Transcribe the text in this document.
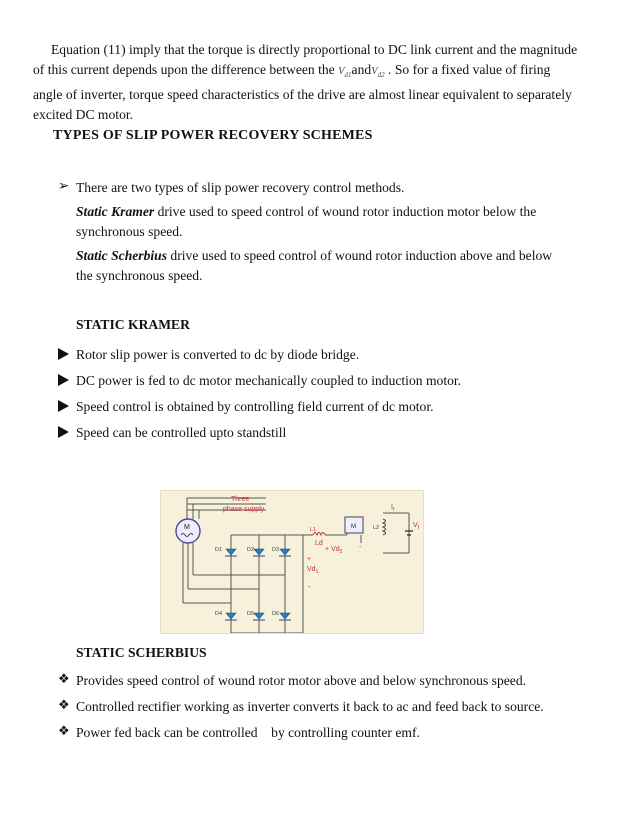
Equation (11) imply that the torque is directly proportional to DC link current and the magnitude
of this current depends upon the difference between the $V_{d1}andV_{d2}$ . So for a fixed value of firing
angle of inverter, torque speed characteristics of the drive are almost linear equivalent to separately
excited DC motor.
TYPES OF SLIP POWER RECOVERY SCHEMES
➢ There are two types of slip power recovery control methods.
Static Kramer drive used to speed control of wound rotor induction motor below the
synchronous speed.
Static Scherbius drive used to speed control of wound rotor induction above and below
the synchronous speed.
STATIC KRAMER
Rotor slip power is converted to dc by diode bridge.
DC power is fed to dc motor mechanically coupled to induction motor.
Speed control is obtained by controlling field current of dc motor.
Speed can be controlled upto standstill
Three
phase supply
M
D1	D2	D3
D4	D5	D6
L1
Ld
+ $Vd_2$
-
+
$Vd_1$
-
M	L2
$I_f$
$V_f$
STATIC SCHERBIUS
❖ Provides speed control of wound rotor motor above and below synchronous speed.
❖ Controlled rectifier working as inverter converts it back to ac and feed back to source.
❖ Power fed back can be controlled    by controlling counter emf.
